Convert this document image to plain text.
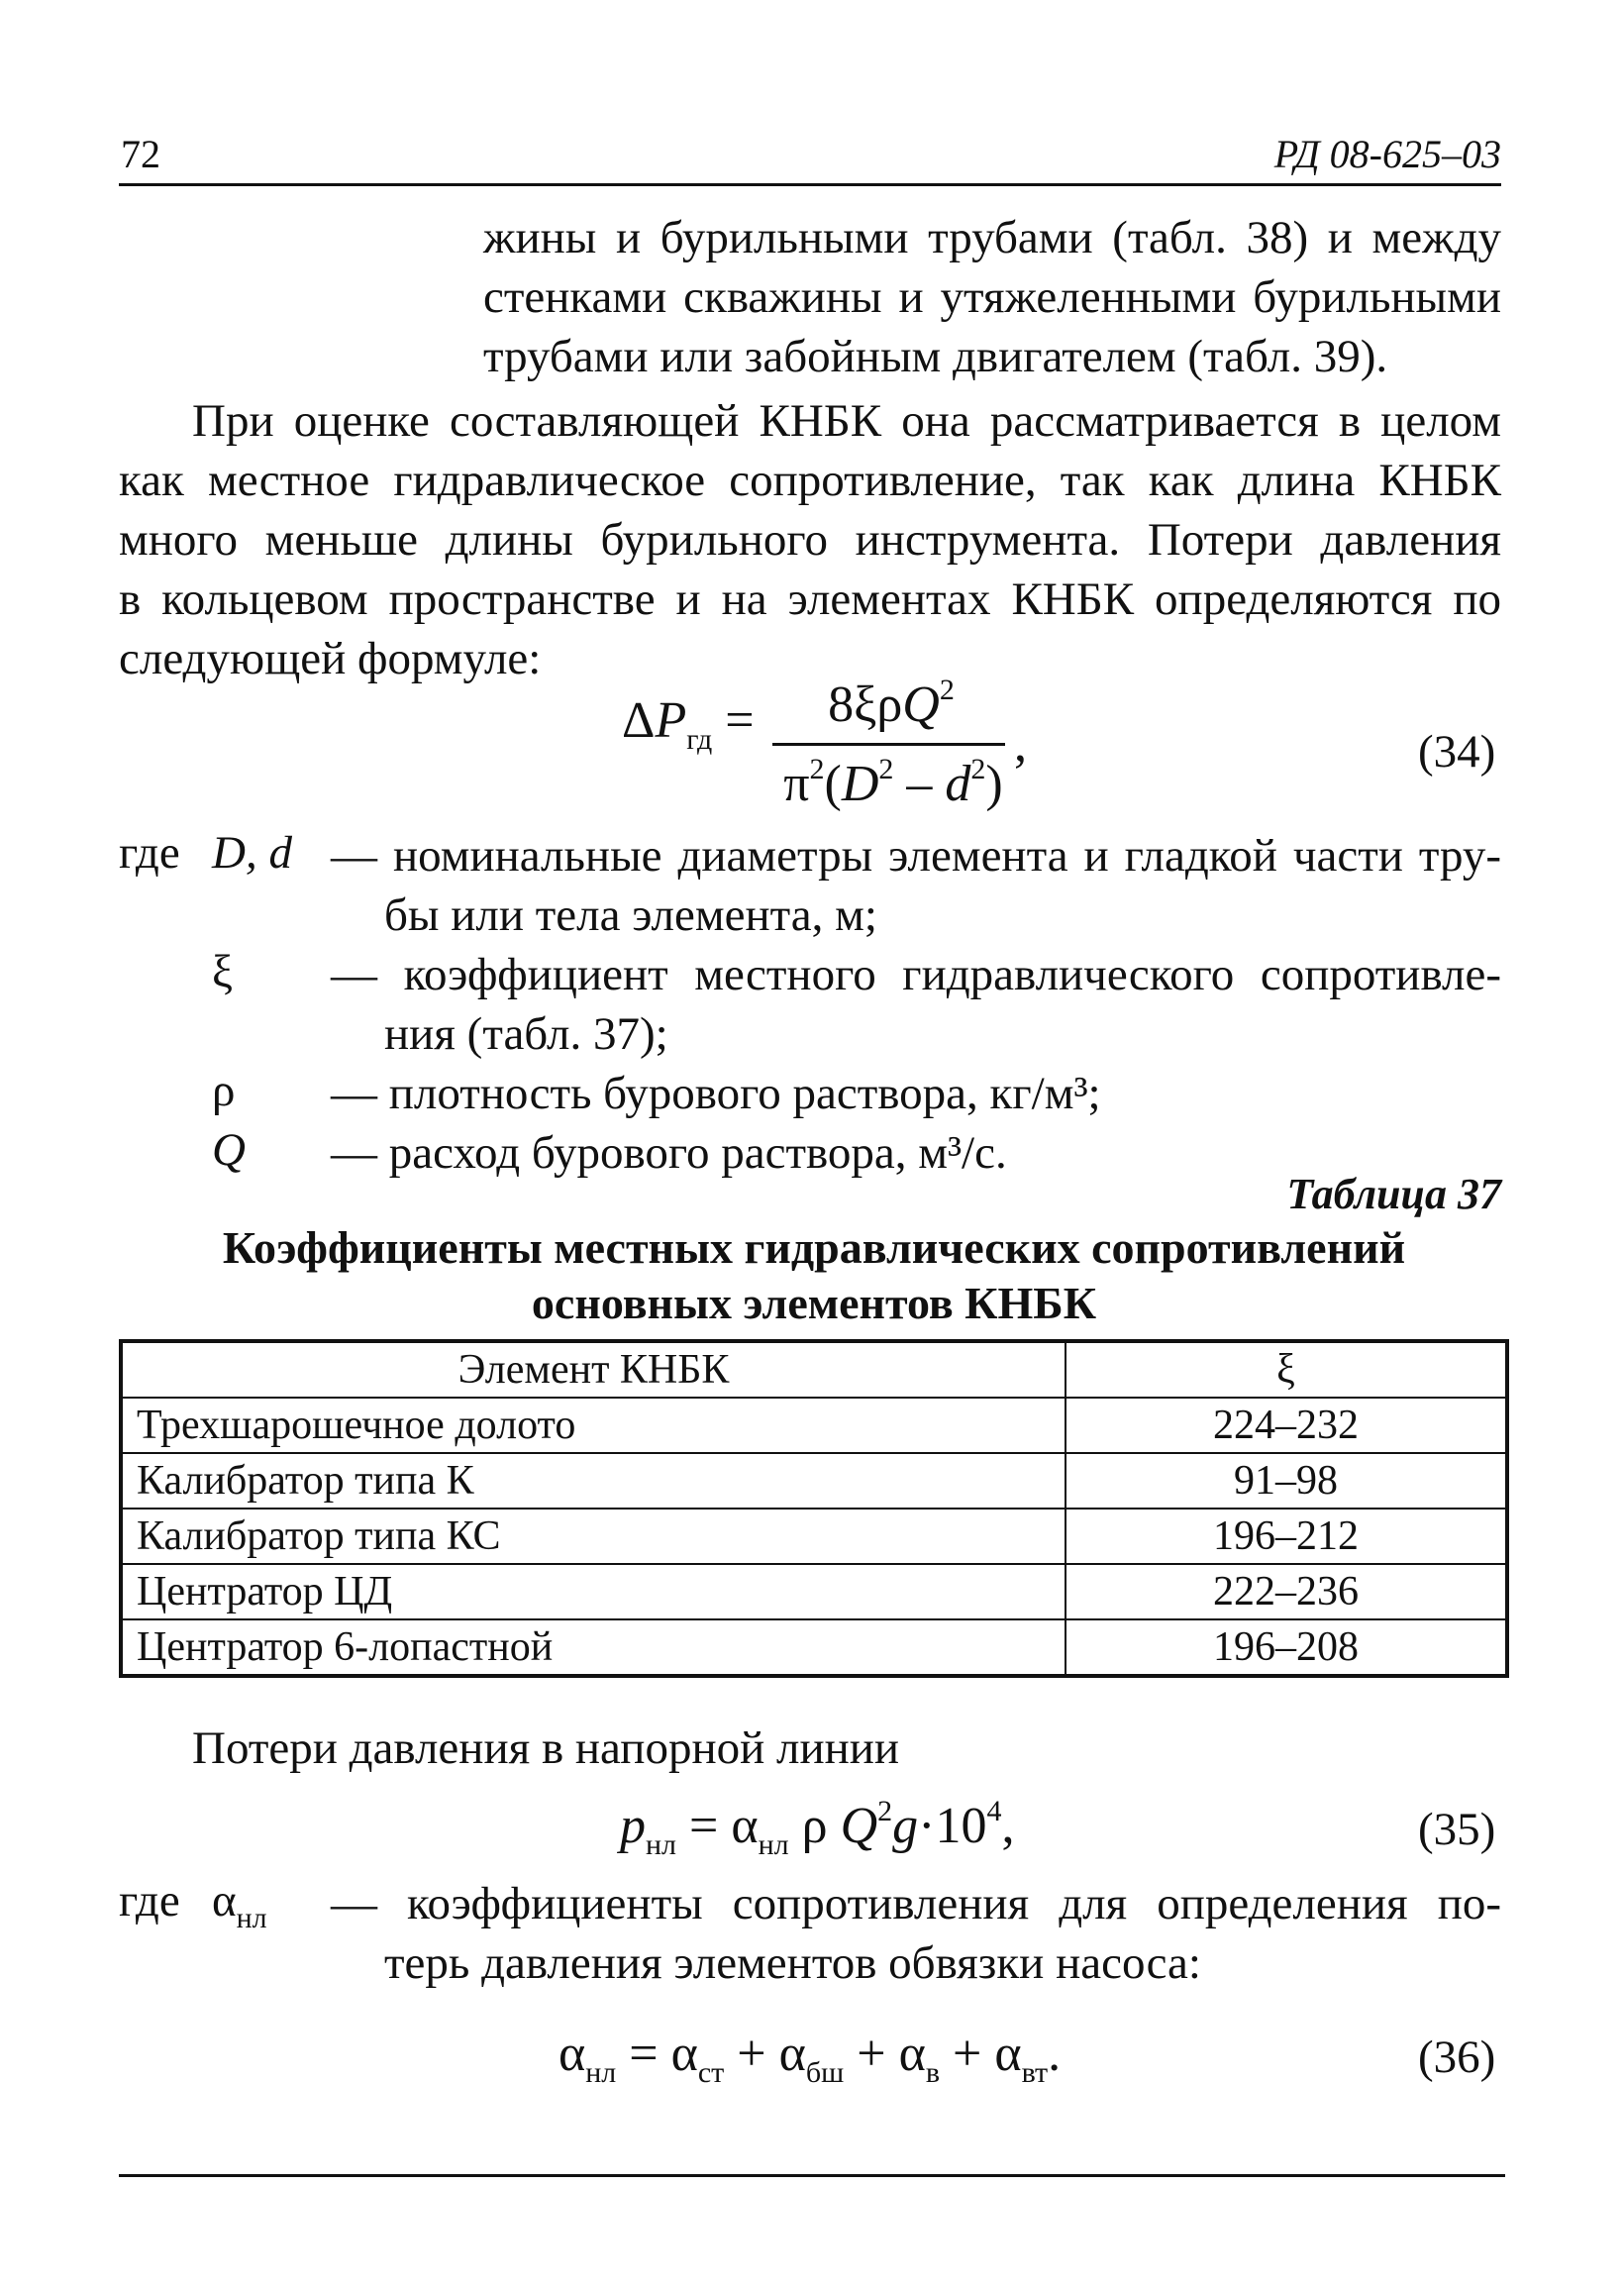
72	РД 08-625–03
жины и бурильными трубами (табл. 38) и между
стенками скважины и утяжеленными бурильными
трубами или забойным двигателем (табл. 39).
При оценке составляющей КНБК она рассматривается в целом
как местное гидравлическое сопротивление, так как длина КНБК
много меньше длины бурильного инструмента. Потери давления
в кольцевом пространстве и на элементах КНБК определяются по
следующей формуле:
$\Delta P_{гд}$ =	8ξρQ$^2$
$\pi^2(D^2 - d^2)$
,	(34)
где D, d — номинальные диаметры элемента и гладкой части тру-
бы или тела элемента, м;
ξ — коэффициент местного гидравлического сопротивле-
ния (табл. 37);
ρ — плотность бурового раствора, кг/м³;
Q — расход бурового раствора, м³/с.
Таблица 37
Коэффициенты местных гидравлических сопротивлений
основных элементов КНБК
Элемент КНБК	ξ
Трехшарошечное долото	224–232
Калибратор типа К	91–98
Калибратор типа КС	196–212
Центратор ЦД	222–236
Центратор 6-лопастной	196–208
Потери давления в напорной линии
$p_{нл} = \alpha_{нл}$ ρ $Q^2g\cdot 10^4$,	(35)
где $\alpha_{нл}$ — коэффициенты сопротивления для определения по-
терь давления элементов обвязки насоса:
$\alpha_{нл} = \alpha_{ст} + \alpha_{бш} + \alpha_в + \alpha_{вт}$.	(36)
